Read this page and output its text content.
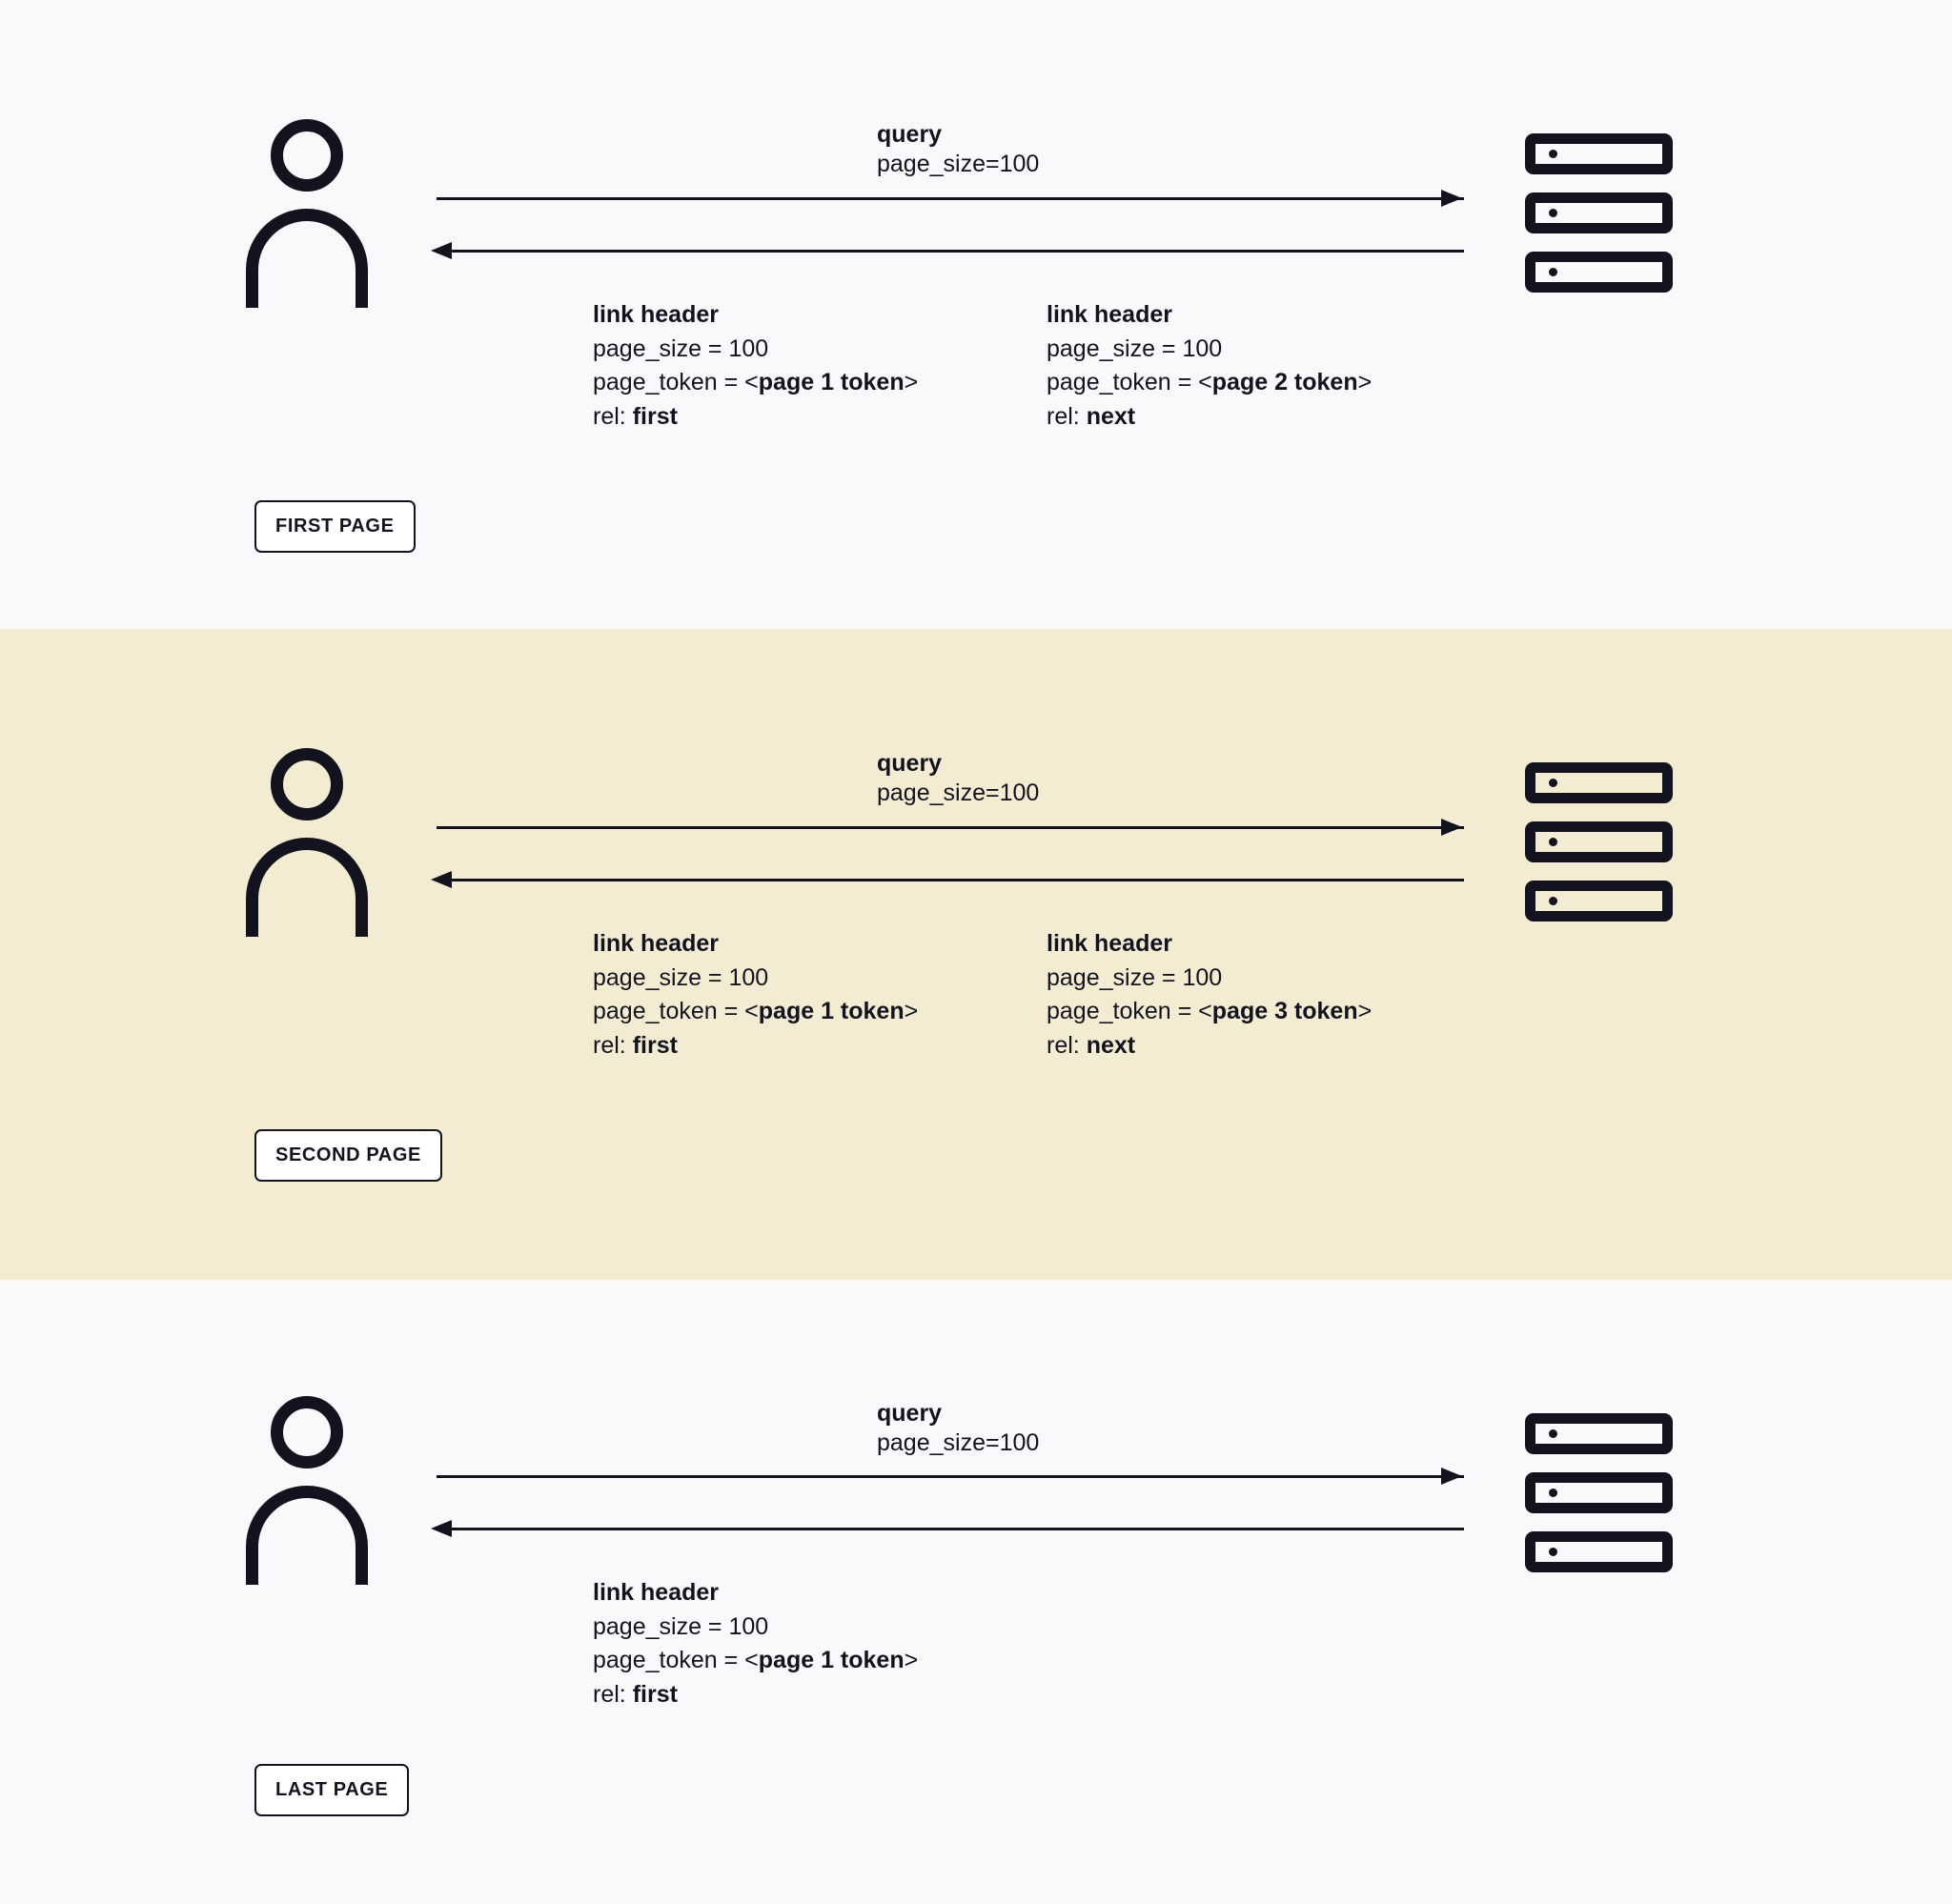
query
page_size=100
link header
page_size = 100
page_token = <page 1 token>
rel: first
link header
page_size = 100
page_token = <page 2 token>
rel: next
FIRST PAGE
query
page_size=100
link header
page_size = 100
page_token = <page 1 token>
rel: first
link header
page_size = 100
page_token = <page 3 token>
rel: next
SECOND PAGE
query
page_size=100
link header
page_size = 100
page_token = <page 1 token>
rel: first
LAST PAGE
